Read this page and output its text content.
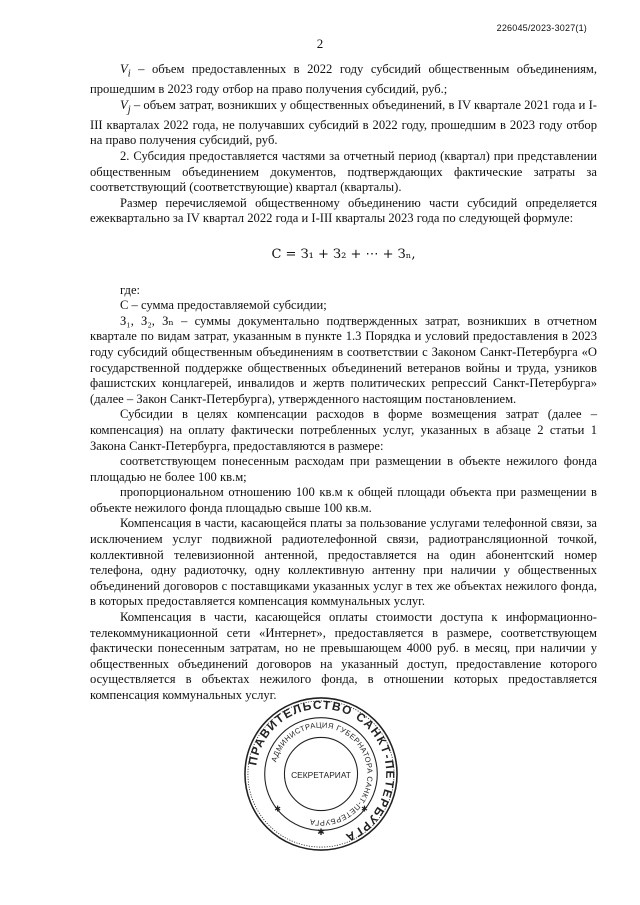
226045/2023-3027(1)
2

$V_i$ – объем предоставленных в 2022 году субсидий общественным объединениям, прошедшим в 2023 году отбор на право получения субсидий, руб.;

$V_j$ – объем затрат, возникших у общественных объединений, в IV квартале 2021 года и I-III кварталах 2022 года, не получавших субсидий в 2022 году, прошедшим в 2023 году отбор на право получения субсидий, руб.

2. Субсидия предоставляется частями за отчетный период (квартал) при представлении общественным объединением документов, подтверждающих фактические затраты за соответствующий (соответствующие) квартал (кварталы).

Размер перечисляемой общественному объединению части субсидий определяется ежеквартально за IV квартал 2022 года и I-III кварталы 2023 года по следующей формуле:

С = З₁ + З₂ + ⋯ + Зₙ,

где:

С – сумма предоставляемой субсидии;

З₁, З₂, Зₙ – суммы документально подтвержденных затрат, возникших в отчетном квартале по видам затрат, указанным в пункте 1.3 Порядка и условий предоставления в 2023 году субсидий общественным объединениям в соответствии с Законом Санкт-Петербурга «О государственной поддержке общественных объединений ветеранов войны и труда, узников фашистских концлагерей, инвалидов и жертв политических репрессий Санкт-Петербурга» (далее – Закон Санкт-Петербурга), утвержденного настоящим постановлением.

Субсидии в целях компенсации расходов в форме возмещения затрат (далее – компенсация) на оплату фактически потребленных услуг, указанных в абзаце 2 статьи 1 Закона Санкт-Петербурга, предоставляются в размере:

соответствующем понесенным расходам при размещении в объекте нежилого фонда площадью не более 100 кв.м;

пропорциональном отношению 100 кв.м к общей площади объекта при размещении в объекте нежилого фонда площадью свыше 100 кв.м.

Компенсация в части, касающейся платы за пользование услугами телефонной связи, за исключением услуг подвижной радиотелефонной связи, радиотрансляционной точкой, коллективной телевизионной антенной, предоставляется на один абонентский номер телефона, одну радиоточку, одну коллективную антенну при наличии у общественных объединений договоров с поставщиками указанных услуг в тех же объектах нежилого фонда, в которых предоставляется компенсация коммунальных услуг.

Компенсация в части, касающейся оплаты стоимости доступа к информационно-телекоммуникационной сети «Интернет», предоставляется в размере, соответствующем фактически понесенным затратам, но не превышающем 4000 руб. в месяц, при наличии у общественных объединений договоров на указанный доступ, предоставление которого осуществляется в объектах нежилого фонда, в отношении которых предоставляется компенсация коммунальных услуг.

ПРАВИТЕЛЬСТВО САНКТ-ПЕТЕРБУРГА
АДМИНИСТРАЦИЯ ГУБЕРНАТОРА САНКТ-ПЕТЕРБУРГА
СЕКРЕТАРИАТ
✱
✱	✱
